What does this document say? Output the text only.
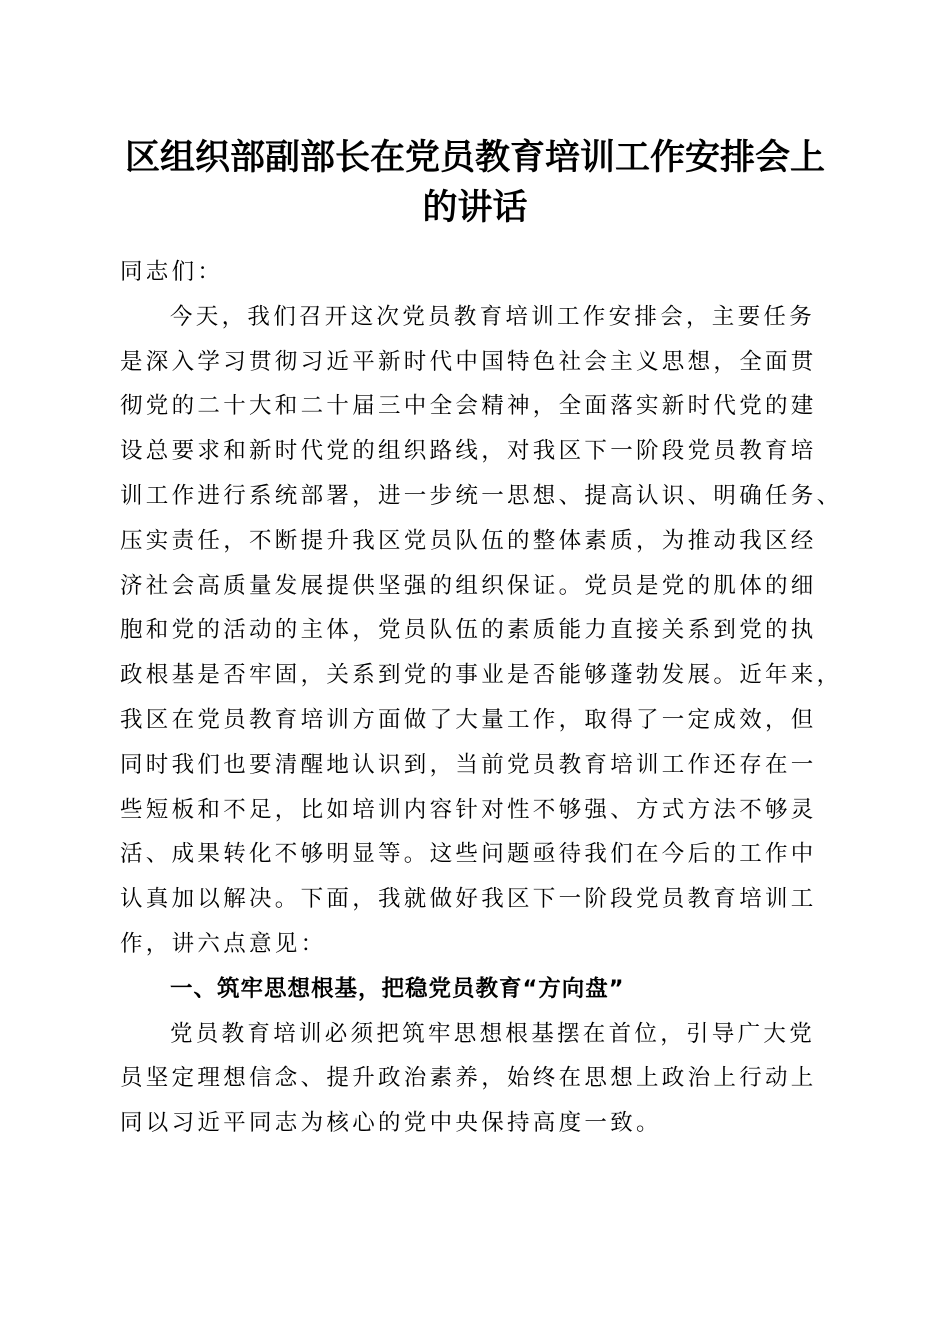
区组织部副部长在党员教育培训工作安排会上
的讲话
同志们：
今天，我们召开这次党员教育培训工作安排会，主要任务
是深入学习贯彻习近平新时代中国特色社会主义思想，全面贯
彻党的二十大和二十届三中全会精神，全面落实新时代党的建
设总要求和新时代党的组织路线，对我区下一阶段党员教育培
训工作进行系统部署，进一步统一思想、提高认识、明确任务、
压实责任，不断提升我区党员队伍的整体素质，为推动我区经
济社会高质量发展提供坚强的组织保证。党员是党的肌体的细
胞和党的活动的主体，党员队伍的素质能力直接关系到党的执
政根基是否牢固，关系到党的事业是否能够蓬勃发展。近年来，
我区在党员教育培训方面做了大量工作，取得了一定成效，但
同时我们也要清醒地认识到，当前党员教育培训工作还存在一
些短板和不足，比如培训内容针对性不够强、方式方法不够灵
活、成果转化不够明显等。这些问题亟待我们在今后的工作中
认真加以解决。下面，我就做好我区下一阶段党员教育培训工
作，讲六点意见：
一、筑牢思想根基，把稳党员教育“方向盘”
党员教育培训必须把筑牢思想根基摆在首位，引导广大党
员坚定理想信念、提升政治素养，始终在思想上政治上行动上
同以习近平同志为核心的党中央保持高度一致。
